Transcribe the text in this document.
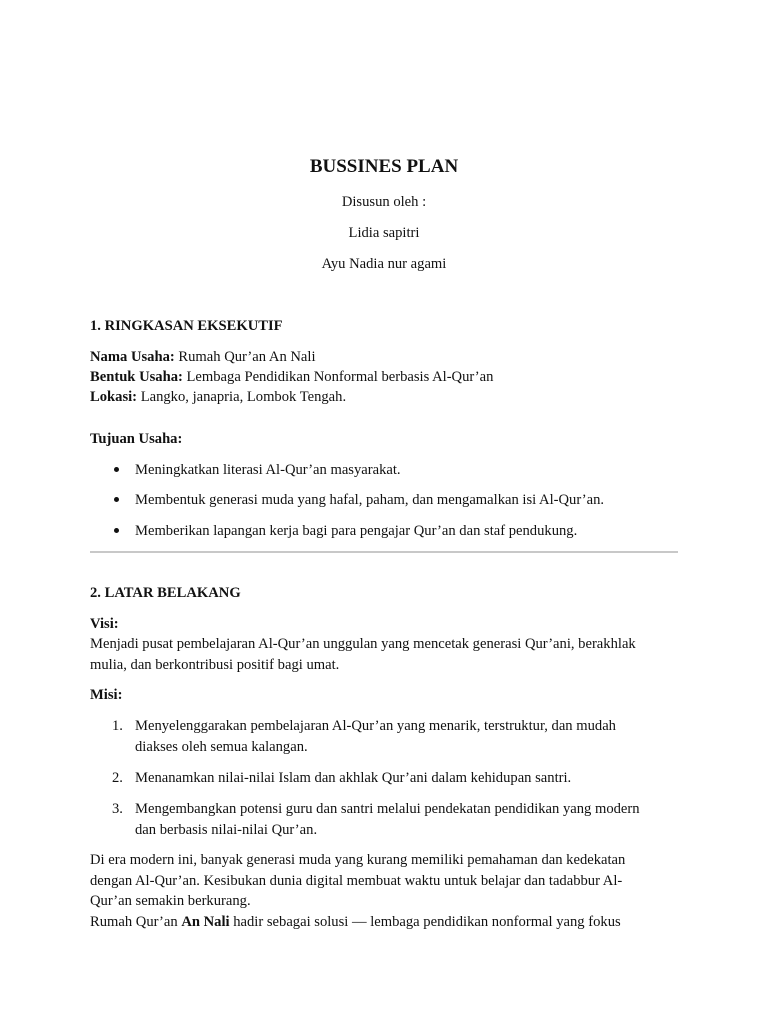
BUSSINES PLAN

Disusun oleh :

Lidia sapitri

Ayu Nadia nur agami

1. RINGKASAN EKSEKUTIF

Nama Usaha: Rumah Qur’an An Nali

Bentuk Usaha: Lembaga Pendidikan Nonformal berbasis Al-Qur’an

Lokasi: Langko, janapria, Lombok Tengah.

Tujuan Usaha:

Meningkatkan literasi Al-Qur’an masyarakat.

Membentuk generasi muda yang hafal, paham, dan mengamalkan isi Al-Qur’an.

Memberikan lapangan kerja bagi para pengajar Qur’an dan staf pendukung.

2. LATAR BELAKANG

Visi:

Menjadi pusat pembelajaran Al-Qur’an unggulan yang mencetak generasi Qur’ani, berakhlak

mulia, dan berkontribusi positif bagi umat.

Misi:

1. Menyelenggarakan pembelajaran Al-Qur’an yang menarik, terstruktur, dan mudah

diakses oleh semua kalangan.

2. Menanamkan nilai-nilai Islam dan akhlak Qur’ani dalam kehidupan santri.

3. Mengembangkan potensi guru dan santri melalui pendekatan pendidikan yang modern

dan berbasis nilai-nilai Qur’an.

Di era modern ini, banyak generasi muda yang kurang memiliki pemahaman dan kedekatan

dengan Al-Qur’an. Kesibukan dunia digital membuat waktu untuk belajar dan tadabbur Al-

Qur’an semakin berkurang.

Rumah Qur’an An Nali hadir sebagai solusi — lembaga pendidikan nonformal yang fokus
